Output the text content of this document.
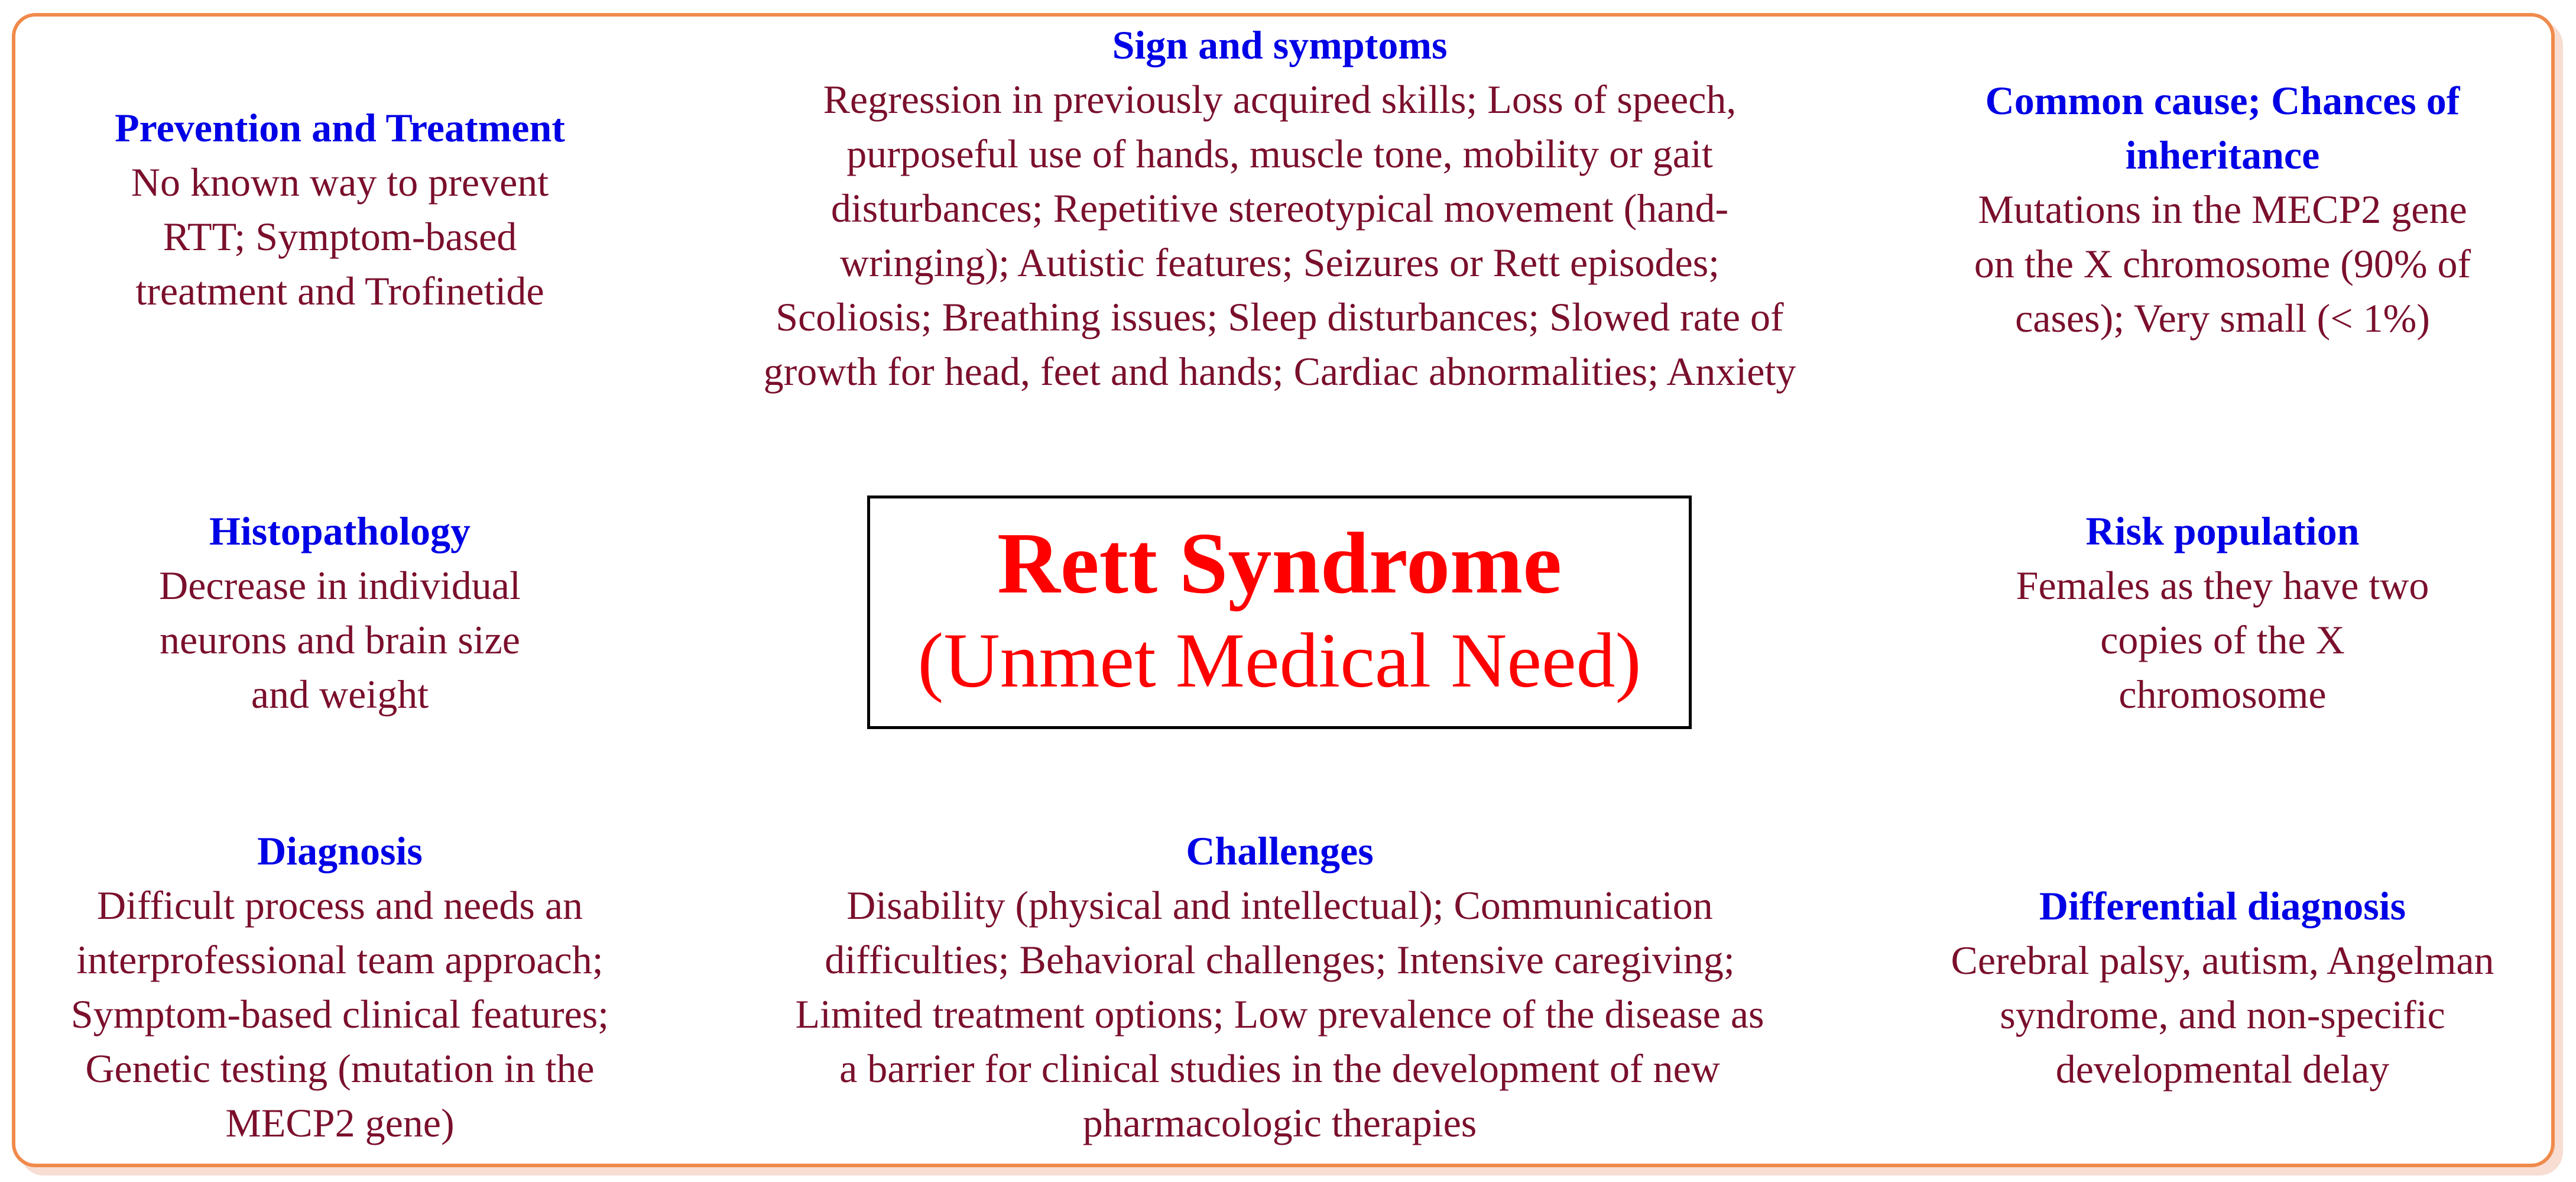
Prevention and Treatment
No known way to prevent
RTT; Symptom-based
treatment and Trofinetide
Sign and symptoms
Regression in previously acquired skills; Loss of speech,
purposeful use of hands, muscle tone, mobility or gait
disturbances; Repetitive stereotypical movement (hand-
wringing); Autistic features; Seizures or Rett episodes;
Scoliosis; Breathing issues; Sleep disturbances; Slowed rate of
growth for head, feet and hands; Cardiac abnormalities; Anxiety
Common cause; Chances of
inheritance
Mutations in the MECP2 gene
on the X chromosome (90% of
cases); Very small (< 1%)
Histopathology
Decrease in individual
neurons and brain size
and weight
Rett Syndrome
(Unmet Medical Need)
Risk population
Females as they have two
copies of the X
chromosome
Diagnosis
Difficult process and needs an
interprofessional team approach;
Symptom-based clinical features;
Genetic testing (mutation in the
MECP2 gene)
Challenges
Disability (physical and intellectual); Communication
difficulties; Behavioral challenges; Intensive caregiving;
Limited treatment options; Low prevalence of the disease as
a barrier for clinical studies in the development of new
pharmacologic therapies
Differential diagnosis
Cerebral palsy, autism, Angelman
syndrome, and non-specific
developmental delay
